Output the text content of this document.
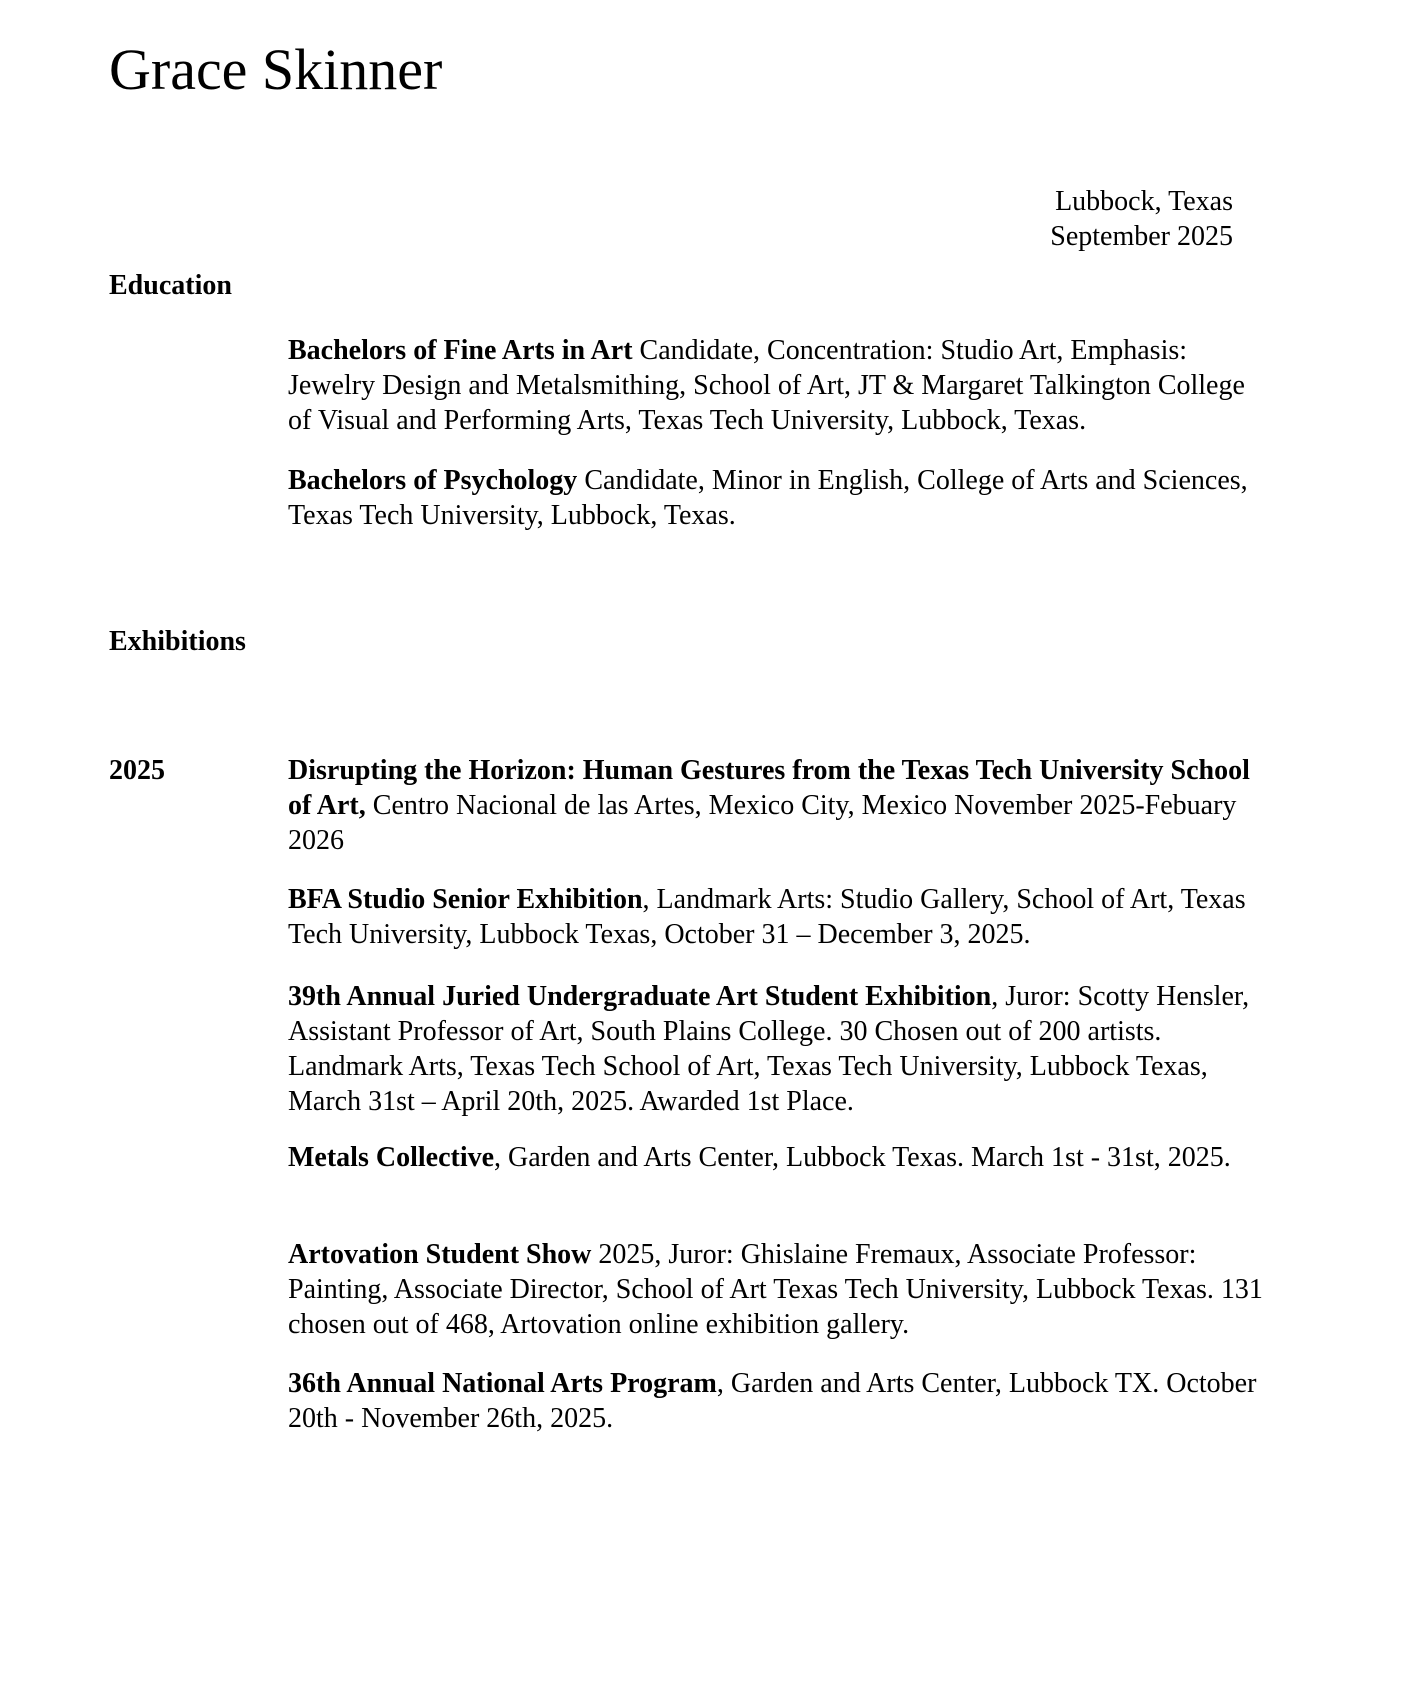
Grace Skinner
Lubbock, Texas
September 2025
Education
Bachelors of Fine Arts in Art Candidate, Concentration: Studio Art, Emphasis: Jewelry Design and Metalsmithing, School of Art, JT & Margaret Talkington College of Visual and Performing Arts, Texas Tech University, Lubbock, Texas.
Bachelors of Psychology Candidate, Minor in English, College of Arts and Sciences, Texas Tech University, Lubbock, Texas.
Exhibitions
2025	Disrupting the Horizon: Human Gestures from the Texas Tech University School of Art, Centro Nacional de las Artes, Mexico City, Mexico November 2025-Febuary 2026
BFA Studio Senior Exhibition, Landmark Arts: Studio Gallery, School of Art, Texas Tech University, Lubbock Texas, October 31 – December 3, 2025.
39th Annual Juried Undergraduate Art Student Exhibition, Juror: Scotty Hensler, Assistant Professor of Art, South Plains College. 30 Chosen out of 200 artists. Landmark Arts, Texas Tech School of Art, Texas Tech University, Lubbock Texas, March 31st – April 20th, 2025. Awarded 1st Place.
Metals Collective, Garden and Arts Center, Lubbock Texas. March 1st - 31st, 2025.
Artovation Student Show 2025, Juror: Ghislaine Fremaux, Associate Professor: Painting, Associate Director, School of Art Texas Tech University, Lubbock Texas. 131 chosen out of 468, Artovation online exhibition gallery.
36th Annual National Arts Program, Garden and Arts Center, Lubbock TX. October 20th - November 26th, 2025.
